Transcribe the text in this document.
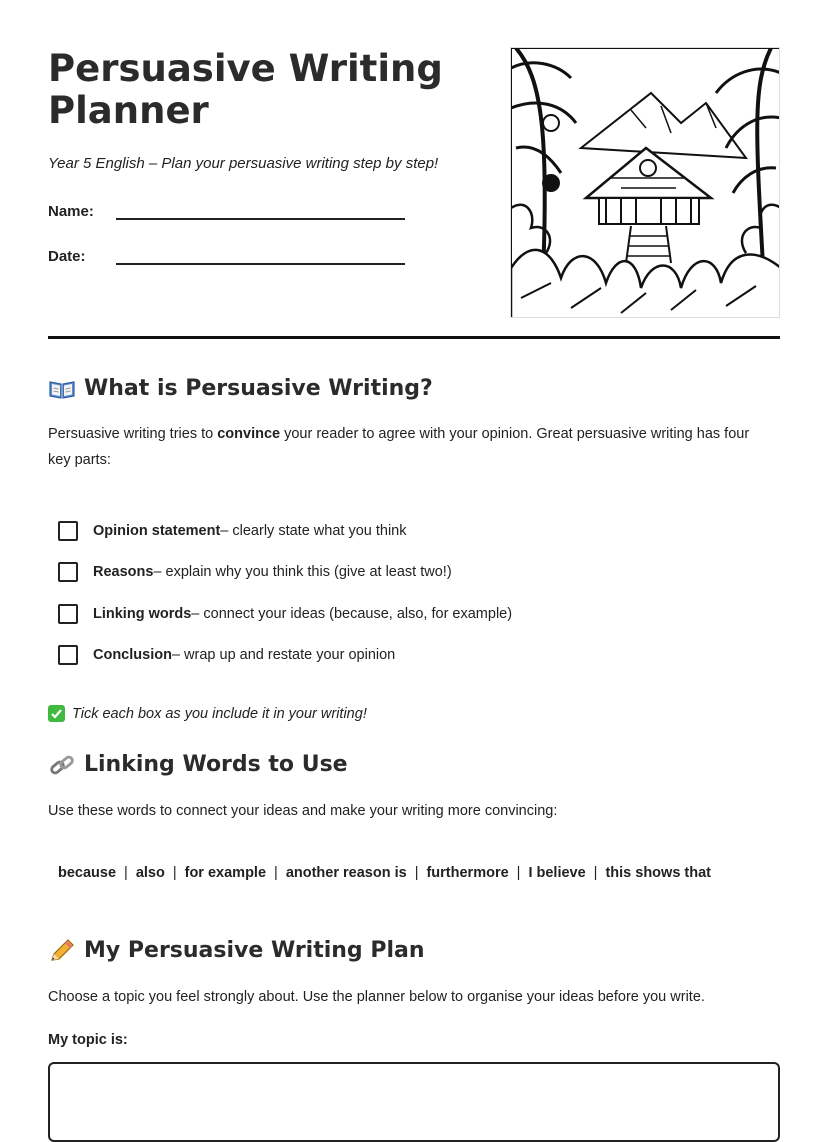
Persuasive Writing Planner

Year 5 English – Plan your persuasive writing step by step!

Name:
Date:
What is Persuasive Writing?

Persuasive writing tries to convince your reader to agree with your opinion. Great persuasive writing has four key parts:

Opinion statement – clearly state what you think
Reasons – explain why you think this (give at least two!)
Linking words – connect your ideas (because, also, for example)
Conclusion – wrap up and restate your opinion
Tick each box as you include it in your writing!
Linking Words to Use

Use these words to connect your ideas and make your writing more convincing:

because | also | for example | another reason is | furthermore | I believe | this shows that
My Persuasive Writing Plan

Choose a topic you feel strongly about. Use the planner below to organise your ideas before you write.

My topic is:
